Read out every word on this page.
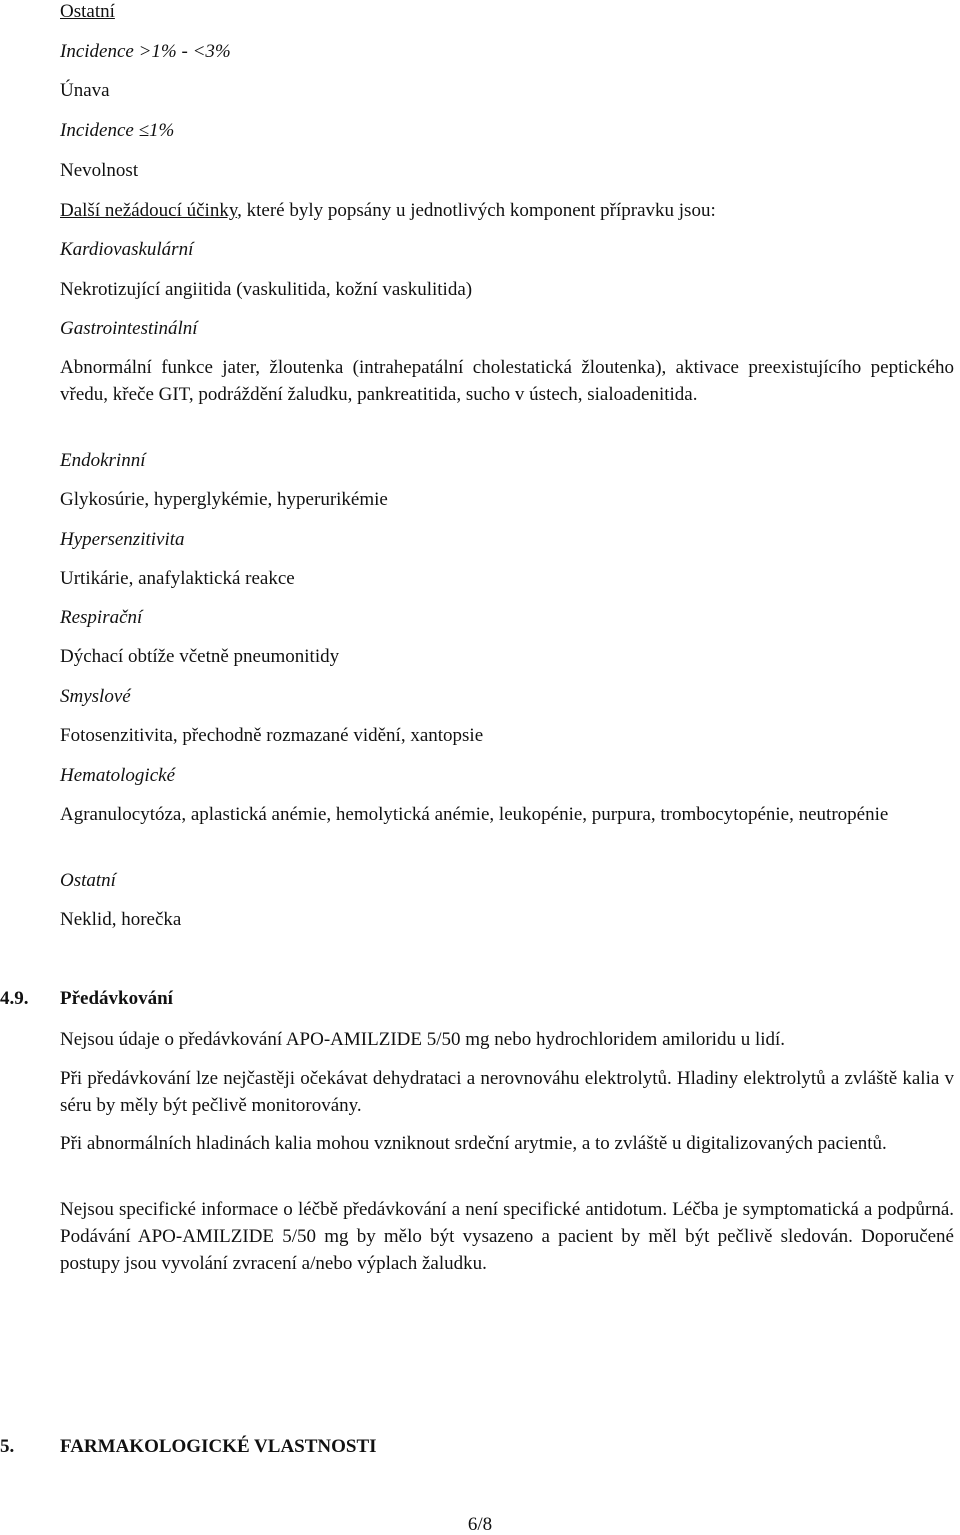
Ostatní
Incidence >1% - <3%
Únava
Incidence ≤1%
Nevolnost
Další nežádoucí účinky, které byly popsány u jednotlivých komponent přípravku jsou:
Kardiovaskulární
Nekrotizující angiitida (vaskulitida, kožní vaskulitida)
Gastrointestinální
Abnormální funkce jater, žloutenka (intrahepatální cholestatická žloutenka), aktivace preexistujícího peptického vředu, křeče GIT, podráždění žaludku, pankreatitida, sucho v ústech, sialoadenitida.
Endokrinní
Glykosúrie, hyperglykémie, hyperurikémie
Hypersenzitivita
Urtikárie, anafylaktická reakce
Respirační
Dýchací obtíže včetně pneumonitidy
Smyslové
Fotosenzitivita, přechodně rozmazané vidění, xantopsie
Hematologické
Agranulocytóza, aplastická anémie, hemolytická anémie, leukopénie, purpura, trombocytopénie, neutropénie
Ostatní
Neklid, horečka
4.9. Předávkování
Nejsou údaje o předávkování APO-AMILZIDE 5/50 mg nebo hydrochloridem amiloridu u lidí.
Při předávkování lze nejčastěji očekávat dehydrataci a nerovnováhu elektrolytů. Hladiny elektrolytů a zvláště kalia v séru by měly být pečlivě monitorovány.
Při abnormálních hladinách kalia mohou vzniknout srdeční arytmie, a to zvláště u digitalizovaných pacientů.
Nejsou specifické informace o léčbě předávkování a není specifické antidotum. Léčba je symptomatická a podpůrná. Podávání APO-AMILZIDE 5/50 mg by mělo být vysazeno a pacient by měl být pečlivě sledován. Doporučené postupy jsou vyvolání zvracení a/nebo výplach žaludku.
5. FARMAKOLOGICKÉ VLASTNOSTI
6/8
